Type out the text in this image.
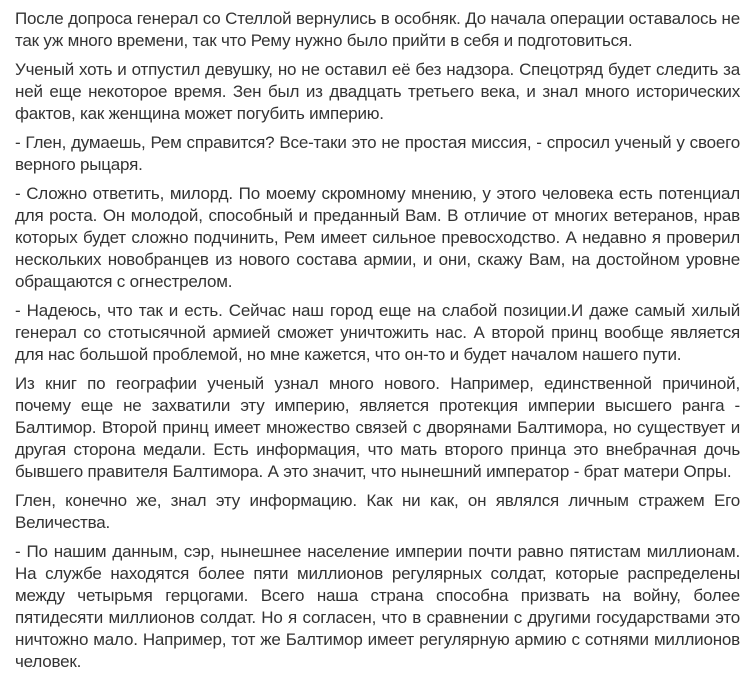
После допроса генерал со Стеллой вернулись в особняк. До начала операции оставалось не так уж много времени, так что Рему нужно было прийти в себя и подготовиться.

Ученый хоть и отпустил девушку, но не оставил её без надзора. Спецотряд будет следить за ней еще некоторое время. Зен был из двадцать третьего века, и знал много исторических фактов, как женщина может погубить империю.

- Глен, думаешь, Рем справится? Все-таки это не простая миссия, - спросил ученый у своего верного рыцаря.

- Сложно ответить, милорд. По моему скромному мнению, у этого человека есть потенциал для роста. Он молодой, способный и преданный Вам. В отличие от многих ветеранов, нрав которых будет сложно подчинить, Рем имеет сильное превосходство. А недавно я проверил нескольких новобранцев из нового состава армии, и они, скажу Вам, на достойном уровне обращаются с огнестрелом.

- Надеюсь, что так и есть. Сейчас наш город еще на слабой позиции.И даже самый хилый генерал со стотысячной армией сможет уничтожить нас. А второй принц вообще является для нас большой проблемой, но мне кажется, что он-то и будет началом нашего пути.

Из книг по географии ученый узнал много нового. Например, единственной причиной, почему еще не захватили эту империю, является протекция империи высшего ранга - Балтимор. Второй принц имеет множество связей с дворянами Балтимора, но существует и другая сторона медали. Есть информация, что мать второго принца это внебрачная дочь бывшего правителя Балтимора. А это значит, что нынешний император - брат матери Опры.

Глен, конечно же, знал эту информацию. Как ни как, он являлся личным стражем Его Величества.

- По нашим данным, сэр, нынешнее население империи почти равно пятистам миллионам. На службе находятся более пяти миллионов регулярных солдат, которые распределены между четырьмя герцогами. Всего наша страна способна призвать на войну, более пятидесяти миллионов солдат. Но я согласен, что в сравнении с другими государствами это ничтожно мало. Например, тот же Балтимор имеет регулярную армию с сотнями миллионов человек.
